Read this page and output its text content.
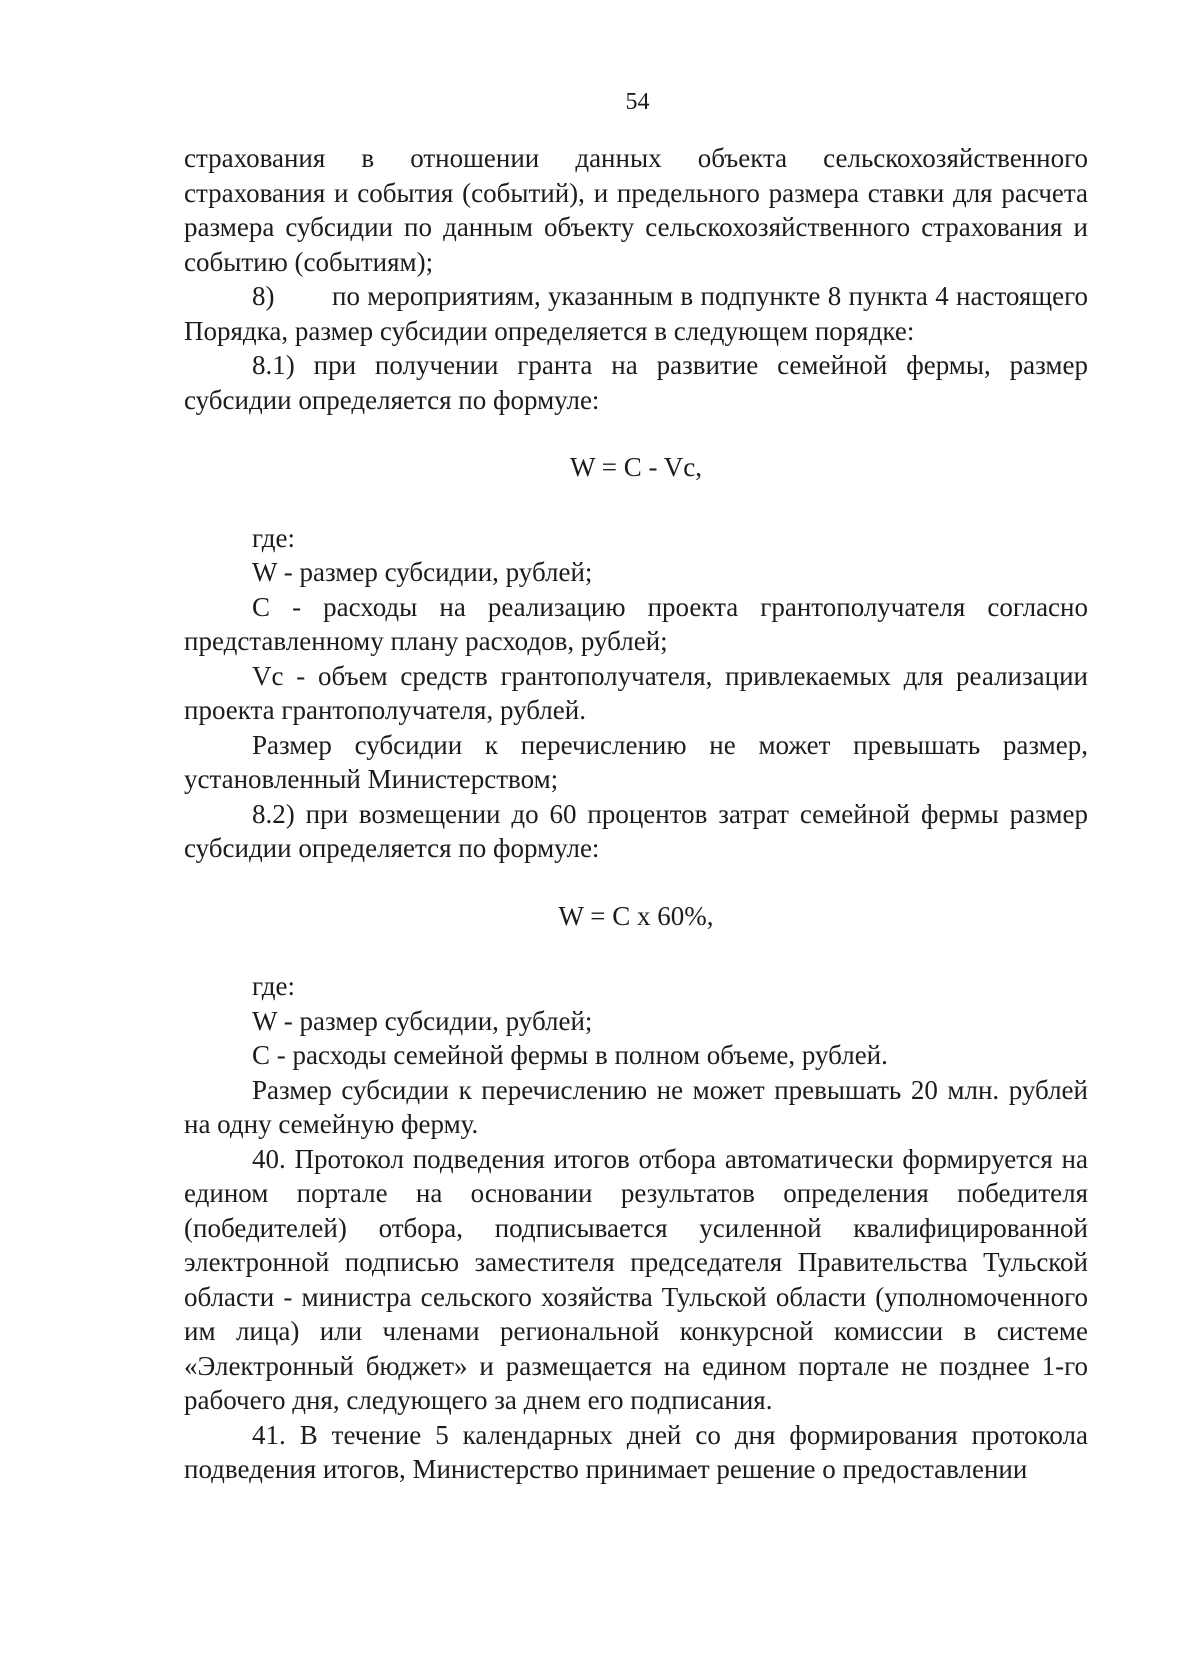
54

страхования в отношении данных объекта сельскохозяйственного страхования и события (событий), и предельного размера ставки для расчета размера субсидии по данным объекту сельскохозяйственного страхования и событию (событиям);

8) по мероприятиям, указанным в подпункте 8 пункта 4 настоящего Порядка, размер субсидии определяется в следующем порядке:

8.1) при получении гранта на развитие семейной фермы, размер субсидии определяется по формуле:

W = C - Vc,

где:

W - размер субсидии, рублей;

C - расходы на реализацию проекта грантополучателя согласно представленному плану расходов, рублей;

Vc - объем средств грантополучателя, привлекаемых для реализации проекта грантополучателя, рублей.

Размер субсидии к перечислению не может превышать размер, установленный Министерством;

8.2) при возмещении до 60 процентов затрат семейной фермы размер субсидии определяется по формуле:

W = C x 60%,

где:

W - размер субсидии, рублей;

C - расходы семейной фермы в полном объеме, рублей.

Размер субсидии к перечислению не может превышать 20 млн. рублей на одну семейную ферму.

40. Протокол подведения итогов отбора автоматически формируется на едином портале на основании результатов определения победителя (победителей) отбора, подписывается усиленной квалифицированной электронной подписью заместителя председателя Правительства Тульской области - министра сельского хозяйства Тульской области (уполномоченного им лица) или членами региональной конкурсной комиссии в системе «Электронный бюджет» и размещается на едином портале не позднее 1-го рабочего дня, следующего за днем его подписания.

41. В течение 5 календарных дней со дня формирования протокола подведения итогов, Министерство принимает решение о предоставлении
